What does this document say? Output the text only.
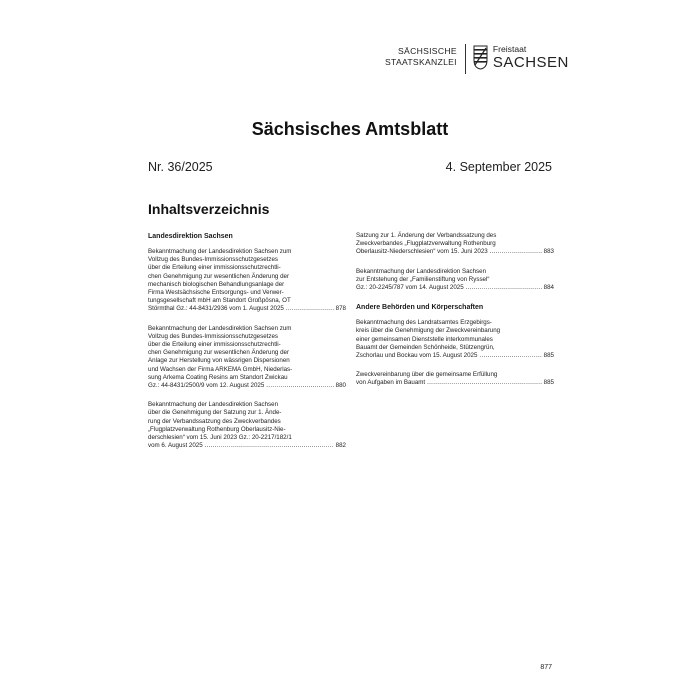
SÄCHSISCHE
STAATSKANZLEI
Freistaat
SACHSEN
Sächsisches Amtsblatt
Nr. 36/2025	4. September 2025
Inhaltsverzeichnis
Landesdirektion Sachsen

Bekanntmachung der Landesdirektion Sachsen zum

Vollzug des Bundes-Immissionsschutzgesetzes

über die Erteilung einer immissionsschutzrechtli-

chen Genehmigung zur wesentlichen Änderung der

mechanisch biologischen Behandlungsanlage der

Firma Westsächsische Entsorgungs- und Verwer-

tungsgesellschaft mbH am Standort Großpösna, OT

Störmthal Gz.: 44-8431/2936 vom 1. August 2025 .....	878

Bekanntmachung der Landesdirektion Sachsen zum

Vollzug des Bundes-Immissionsschutzgesetzes

über die Erteilung einer immissionsschutzrechtli-

chen Genehmigung zur wesentlichen Änderung der

Anlage zur Herstellung von wässrigen Dispersionen

und Wachsen der Firma ARKEMA GmbH, Niederlas-

sung Arkema Coating Resins am Standort Zwickau

Gz.: 44-8431/2500/9 vom 12. August 2025 .....	880

Bekanntmachung der Landesdirektion Sachsen

über die Genehmigung der Satzung zur 1. Ände-

rung der Verbandssatzung des Zweckverbandes

„Flugplatzverwaltung Rothenburg Oberlausitz-Nie-

derschlesien“ vom 15. Juni 2023 Gz.: 20-2217/182/1

vom 6. August 2025 .....	882

Satzung zur 1. Änderung der Verbandssatzung des

Zweckverbandes „Flugplatzverwaltung Rothenburg

Oberlausitz-Niederschlesien“ vom 15. Juni 2023 .....	883

Bekanntmachung der Landesdirektion Sachsen

zur Entstehung der „Familienstiftung von Ryssel“

Gz.: 20-2245/787 vom 14. August 2025 .....	884
Andere Behörden und Körperschaften

Bekanntmachung des Landratsamtes Erzgebirgs-

kreis über die Genehmigung der Zweckvereinbarung

einer gemeinsamen Dienststelle interkommunales

Bauamt der Gemeinden Schönheide, Stützengrün,

Zschorlau und Bockau vom 15. August 2025 .....	885

Zweckvereinbarung über die gemeinsame Erfüllung

von Aufgaben im Bauamt .....	885
877
